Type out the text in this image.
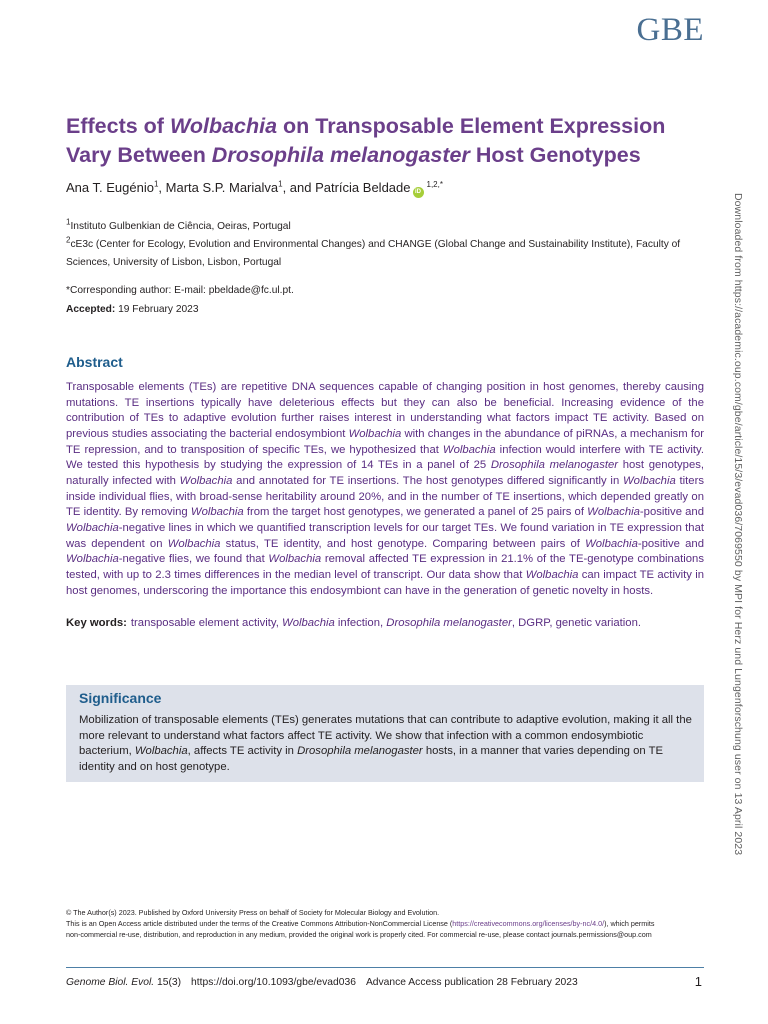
GBE
Effects of Wolbachia on Transposable Element Expression Vary Between Drosophila melanogaster Host Genotypes
Ana T. Eugénio$^1$, Marta S.P. Marialva$^1$, and Patrícia Beldade $iD^{1,2,*}$
$^1$Instituto Gulbenkian de Ciência, Oeiras, Portugal
$^2$cE3c (Center for Ecology, Evolution and Environmental Changes) and CHANGE (Global Change and Sustainability Institute), Faculty of Sciences, University of Lisbon, Lisbon, Portugal
*Corresponding author: E-mail: pbeldade@fc.ul.pt.
Accepted: 19 February 2023
Abstract
Transposable elements (TEs) are repetitive DNA sequences capable of changing position in host genomes, thereby causing mutations. TE insertions typically have deleterious effects but they can also be beneficial. Increasing evidence of the contribution of TEs to adaptive evolution further raises interest in understanding what factors impact TE activity. Based on previous studies associating the bacterial endosymbiont Wolbachia with changes in the abundance of piRNAs, a mechanism for TE repression, and to transposition of specific TEs, we hypothesized that Wolbachia infection would interfere with TE activity. We tested this hypothesis by studying the expression of 14 TEs in a panel of 25 Drosophila melanogaster host genotypes, naturally infected with Wolbachia and annotated for TE insertions. The host genotypes differed significantly in Wolbachia titers inside individual flies, with broad-sense heritability around 20%, and in the number of TE insertions, which depended greatly on TE identity. By removing Wolbachia from the target host genotypes, we generated a panel of 25 pairs of Wolbachia-positive and Wolbachia-negative lines in which we quantified transcription levels for our target TEs. We found variation in TE expression that was dependent on Wolbachia status, TE identity, and host genotype. Comparing between pairs of Wolbachia-positive and Wolbachia-negative flies, we found that Wolbachia removal affected TE expression in 21.1% of the TE-genotype combinations tested, with up to 2.3 times differences in the median level of transcript. Our data show that Wolbachia can impact TE activity in host genomes, underscoring the importance this endosymbiont can have in the generation of genetic novelty in hosts.
Key words: transposable element activity, Wolbachia infection, Drosophila melanogaster, DGRP, genetic variation.
Significance
Mobilization of transposable elements (TEs) generates mutations that can contribute to adaptive evolution, making it all the more relevant to understand what factors affect TE activity. We show that infection with a common endosymbiotic bacterium, Wolbachia, affects TE activity in Drosophila melanogaster hosts, in a manner that varies depending on TE identity and on host genotype.	Downloaded from https://academic.oup.com/gbe/article/15/3/evad036/7069550 by MPI for Herz und Lungenforschung user on 13 April 2023
© The Author(s) 2023. Published by Oxford University Press on behalf of Society for Molecular Biology and Evolution.
This is an Open Access article distributed under the terms of the Creative Commons Attribution-NonCommercial License (https://creativecommons.org/licenses/by-nc/4.0/), which permits
non-commercial re-use, distribution, and reproduction in any medium, provided the original work is properly cited. For commercial re-use, please contact journals.permissions@oup.com
Genome Biol. Evol. 15(3) https://doi.org/10.1093/gbe/evad036 Advance Access publication 28 February 2023	1
